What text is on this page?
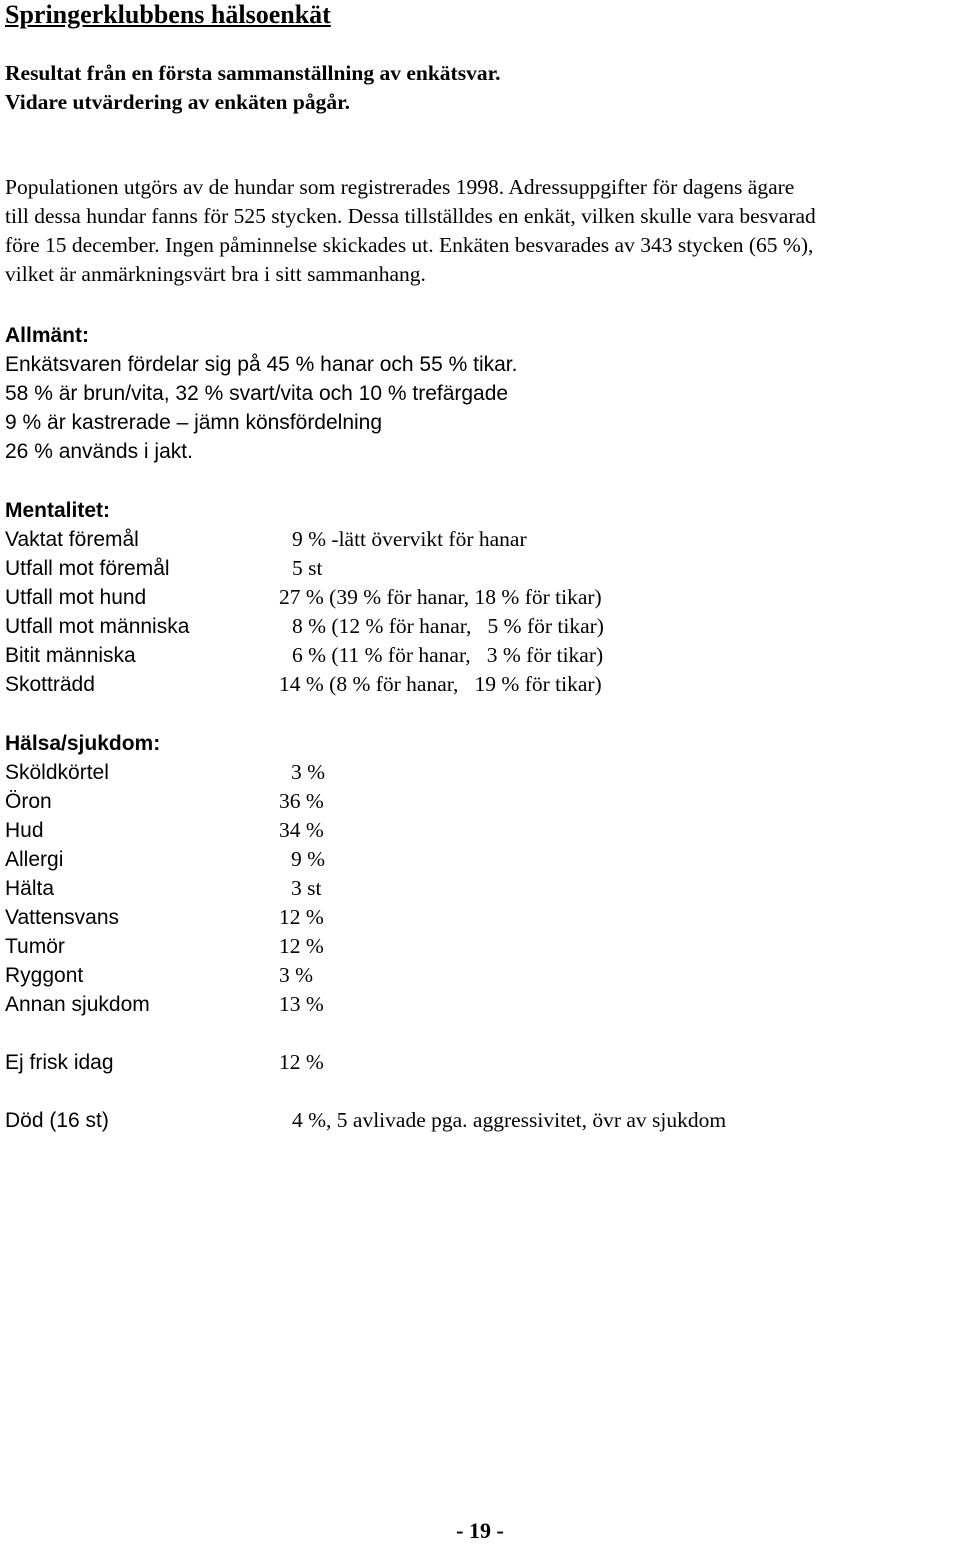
Springerklubbens hälsoenkät
Resultat från en första sammanställning av enkätsvar.
Vidare utvärdering av enkäten pågår.
Populationen utgörs av de hundar som registrerades 1998. Adressuppgifter för dagens ägare
till dessa hundar fanns för 525 stycken. Dessa tillställdes en enkät, vilken skulle vara besvarad
före 15 december. Ingen påminnelse skickades ut. Enkäten besvarades av 343 stycken (65 %),
vilket är anmärkningsvärt bra i sitt sammanhang.
Allmänt:
Enkätsvaren fördelar sig på 45 % hanar och 55 % tikar.
58 % är brun/vita, 32 % svart/vita och 10 % trefärgade
9 % är kastrerade – jämn könsfördelning
26 % används i jakt.
Mentalitet:
Vaktat föremål	9 % -lätt övervikt för hanar
Utfall mot föremål	5 st
Utfall mot hund	27 % (39 % för hanar, 18 % för tikar)
Utfall mot människa	8 % (12 % för hanar,   5 % för tikar)
Bitit människa	6 % (11 % för hanar,   3 % för tikar)
Skotträdd	14 % (8 % för hanar,   19 % för tikar)
Hälsa/sjukdom:
Sköldkörtel	3 %
Öron	36 %
Hud	34 %
Allergi	9 %
Hälta	3 st
Vattensvans	12 %
Tumör	12 %
Ryggont	3 %
Annan sjukdom	13 %
Ej frisk idag	12 %
Död (16 st)	4 %, 5 avlivade pga. aggressivitet, övr av sjukdom
- 19 -
